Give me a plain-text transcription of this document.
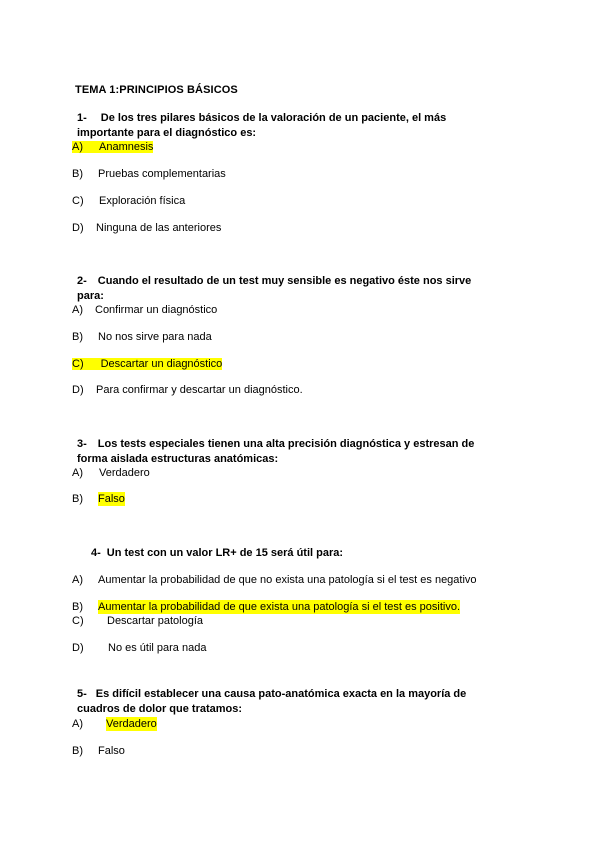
TEMA 1:PRINCIPIOS BÁSICOS
1- De los tres pilares básicos de la valoración de un paciente, el más
importante para el diagnóstico es:
A) Anamnesis
B) Pruebas complementarias
C) Exploración física
D) Ninguna de las anteriores
2- Cuando el resultado de un test muy sensible es negativo éste nos sirve
para:
A) Confirmar un diagnóstico
B) No nos sirve para nada
C) Descartar un diagnóstico
D) Para confirmar y descartar un diagnóstico.
3- Los tests especiales tienen una alta precisión diagnóstica y estresan de
forma aislada estructuras anatómicas:
A) Verdadero
B) Falso
4- Un test con un valor LR+ de 15 será útil para:
A) Aumentar la probabilidad de que no exista una patología si el test es negativo
B) Aumentar la probabilidad de que exista una patología si el test es positivo.
C) Descartar patología
D) No es útil para nada
5- Es difícil establecer una causa pato-anatómica exacta en la mayoría de
cuadros de dolor que tratamos:
A) Verdadero
B) Falso
